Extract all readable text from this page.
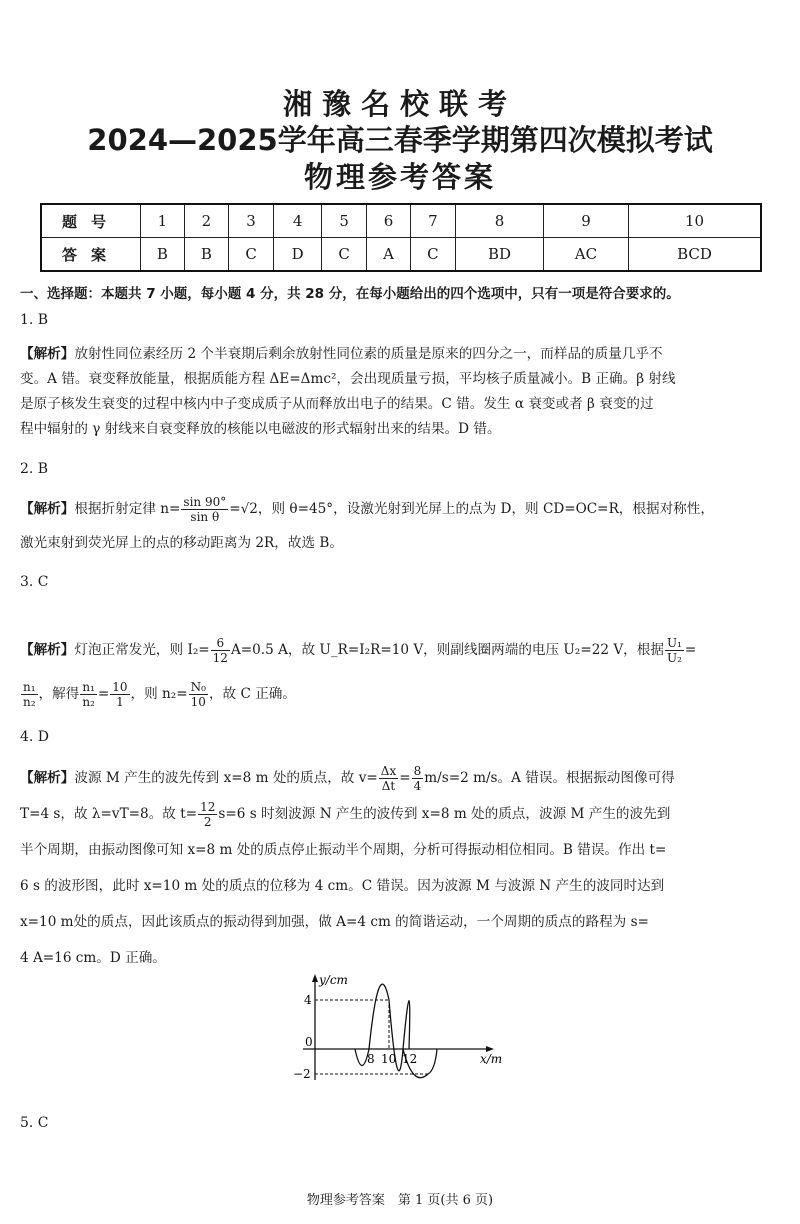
湘豫名校联考
2024—2025学年高三春季学期第四次模拟考试
物理参考答案
题号	1	2	3	4	5	6	7	8	9	10
答案	B	B	C	D	C	A	C	BD	AC	BCD
一、选择题：本题共 7 小题，每小题 4 分，共 28 分，在每小题给出的四个选项中，只有一项是符合要求的。
1. B

【解析】放射性同位素经历 2 个半衰期后剩余放射性同位素的质量是原来的四分之一，而样品的质量几乎不

变。A 错。衰变释放能量，根据质能方程 ΔE=Δmc²，会出现质量亏损，平均核子质量减小。B 正确。β 射线

是原子核发生衰变的过程中核内中子变成质子从而释放出电子的结果。C 错。发生 α 衰变或者 β 衰变的过

程中辐射的 γ 射线来自衰变释放的核能以电磁波的形式辐射出来的结果。D 错。

2. B

【解析】根据折射定律 $n= \frac{\sin 90^\circ}{\text{sin θ}} =√2$，则 θ=45°，设激光射到光屏上的点为 D，则 CD=OC=R，根据对称性，

激光束射到荧光屏上的点的移动距离为 2R，故选 B。

3. C

【解析】灯泡正常发光，则 $I_2= \frac{6}{12} A=0.5$ A，故 U_R=I₂R=10 V，则副线圈两端的电压 U₂=22 V，根据 $\frac{\text{U₁}}{\text{U₂}}$ =

$\frac{\text{n₁}}{\text{n₂}}$ ，解得 $\frac{\text{n₁}}{\text{n₂}} = \frac{10}{1}$ ，则 $n_2= \frac{\text{N₀}}{10}$ ，故 C 正确。

4. D

【解析】波源 M 产生的波先传到 x=8 m 处的质点，故 $v= \frac{\Delta x}{\Delta t} = \frac{8}{4} m/s=2$ m/s。A 错误。根据振动图像可得

T=4 s，故 λ=vT=8。故 $t= \frac{12}{2} s=6$ s 时刻波源 N 产生的波传到 x=8 m 处的质点，波源 M 产生的波先到

半个周期，由振动图像可知 x=8 m 处的质点停止振动半个周期，分析可得振动相位相同。B 错误。作出 t=

6 s 的波形图，此时 x=10 m 处的质点的位移为 4 cm。C 错误。因为波源 M 与波源 N 产生的波同时达到

x=10 m处的质点，因此该质点的振动得到加强，做 A=4 cm 的简谐运动，一个周期的质点的路程为 s=

4 A=16 cm。D 正确。

y/cm
x/m
0
4
−2
8 10 12
5. C
物理参考答案　第 1 页(共 6 页)
